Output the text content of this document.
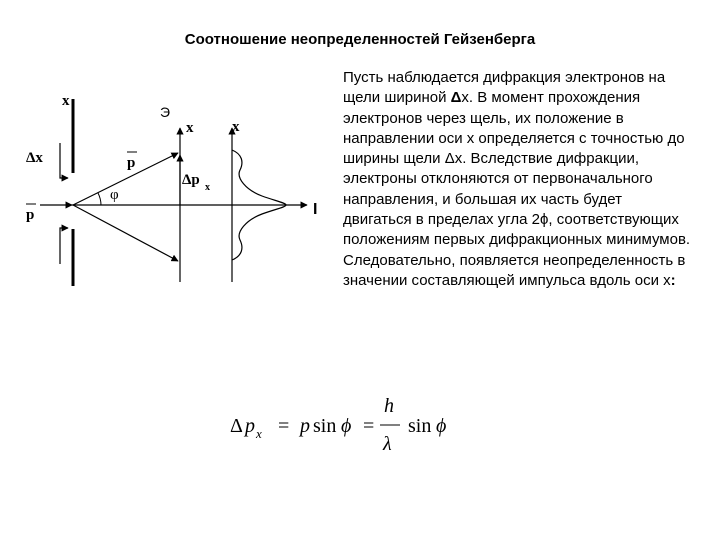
Соотношение неопределенностей Гейзенберга
Пусть наблюдается дифракция электронов на щели шириной Δx. В момент прохождения электронов через щель, их положение в направлении оси x определяется с точностью до ширины щели Δx. Вследствие дифракции, электроны отклоняются от первоначального направления, и большая их часть будет двигаться в пределах угла 2ϕ, соответствующих положениям первых дифракционных минимумов. Следовательно, появляется неопределенность в значении составляющей импульса вдоль оси x:
x
Δx
p
p
φ
Э
x	x
Δp x
I
Δ p x = p sin ϕ =
h
λ
sin ϕ
